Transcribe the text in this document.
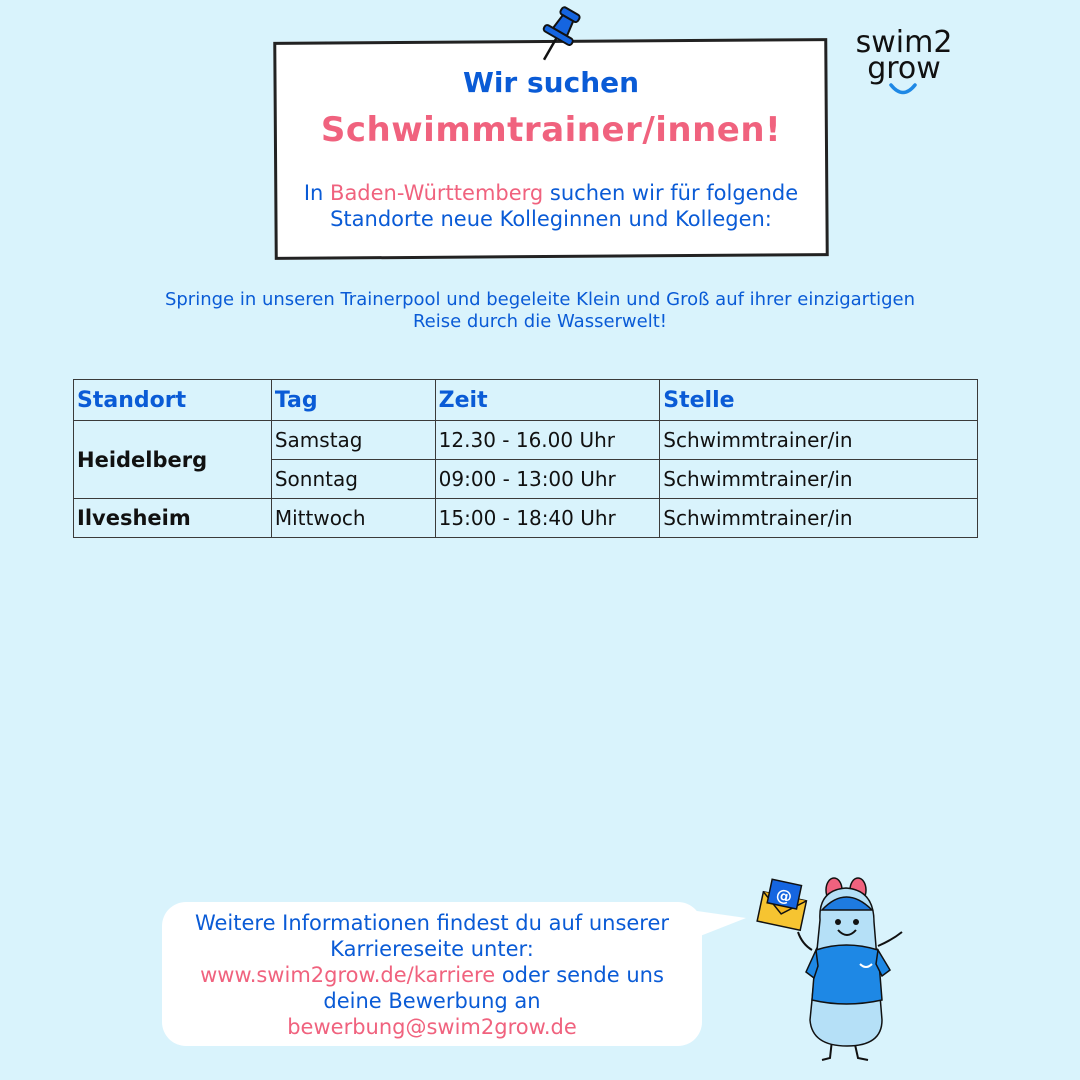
Wir suchen
Schwimmtrainer/innen!
In Baden-Württemberg suchen wir für folgende Standorte neue Kolleginnen und Kollegen:
swim2
grow
Springe in unseren Trainerpool und begeleite Klein und Groß auf ihrer einzigartigen Reise durch die Wasserwelt!
Standort	Tag	Zeit	Stelle
Heidelberg	Samstag	12.30 - 16.00 Uhr	Schwimmtrainer/in
	Sonntag	09:00 - 13:00 Uhr	Schwimmtrainer/in
Ilvesheim	Mittwoch	15:00 - 18:40 Uhr	Schwimmtrainer/in
Weitere Informationen findest du auf unserer Karriereseite unter:
www.swim2grow.de/karriere oder sende uns deine Bewerbung an
bewerbung@swim2grow.de
@
